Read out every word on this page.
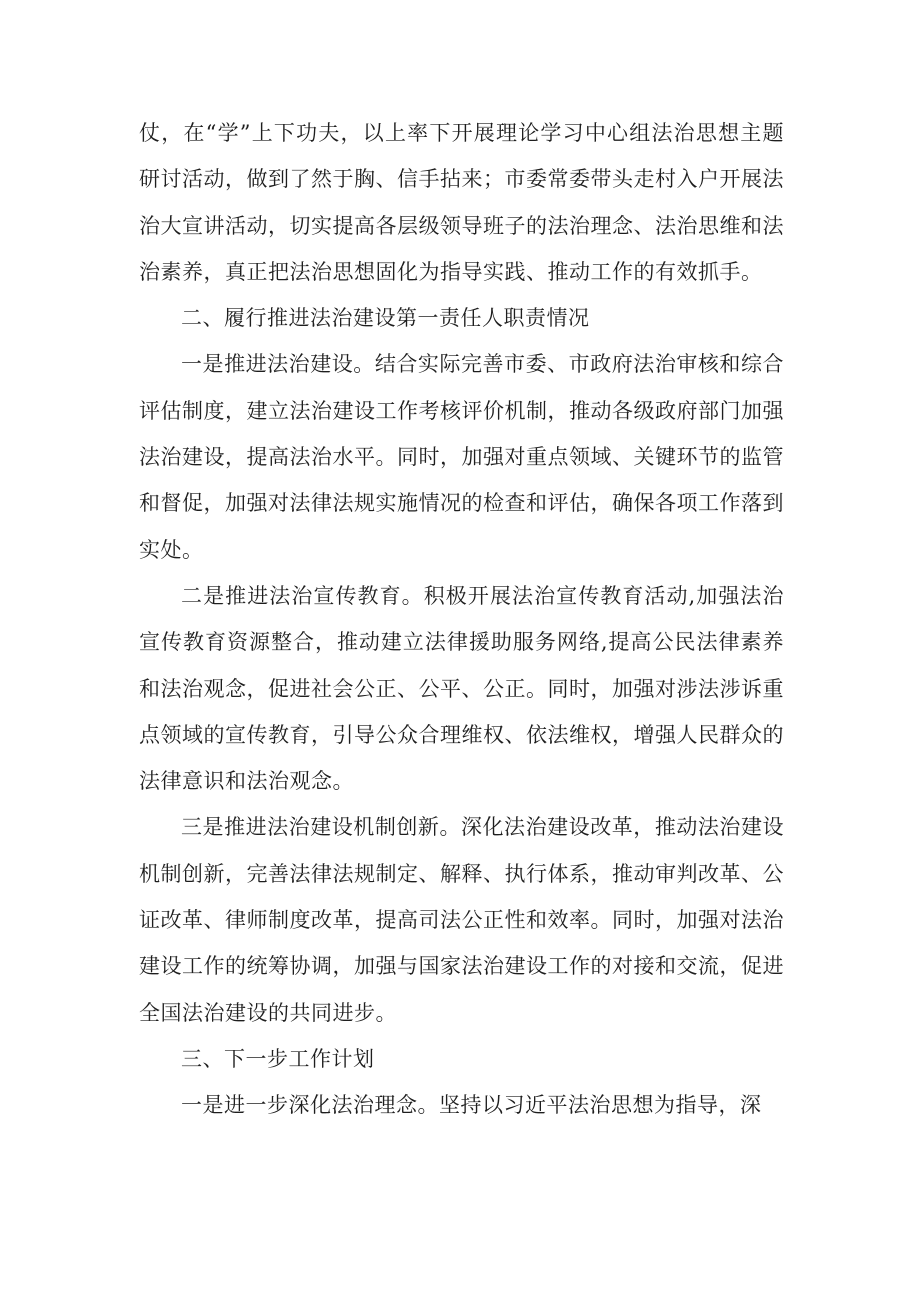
仗，在“学”上下功夫，以上率下开展理论学习中心组法治思想主题研讨活动，做到了然于胸、信手拈来；市委常委带头走村入户开展法治大宣讲活动，切实提高各层级领导班子的法治理念、法治思维和法治素养，真正把法治思想固化为指导实践、推动工作的有效抓手。

二、履行推进法治建设第一责任人职责情况

一是推进法治建设。结合实际完善市委、市政府法治审核和综合评估制度，建立法治建设工作考核评价机制，推动各级政府部门加强法治建设，提高法治水平。同时，加强对重点领域、关键环节的监管和督促，加强对法律法规实施情况的检查和评估，确保各项工作落到实处。

二是推进法治宣传教育。积极开展法治宣传教育活动,加强法治宣传教育资源整合，推动建立法律援助服务网络,提高公民法律素养和法治观念，促进社会公正、公平、公正。同时，加强对涉法涉诉重点领域的宣传教育，引导公众合理维权、依法维权，增强人民群众的法律意识和法治观念。

三是推进法治建设机制创新。深化法治建设改革，推动法治建设机制创新，完善法律法规制定、解释、执行体系，推动审判改革、公证改革、律师制度改革，提高司法公正性和效率。同时，加强对法治建设工作的统筹协调，加强与国家法治建设工作的对接和交流，促进全国法治建设的共同进步。

三、下一步工作计划

一是进一步深化法治理念。坚持以习近平法治思想为指导，深
